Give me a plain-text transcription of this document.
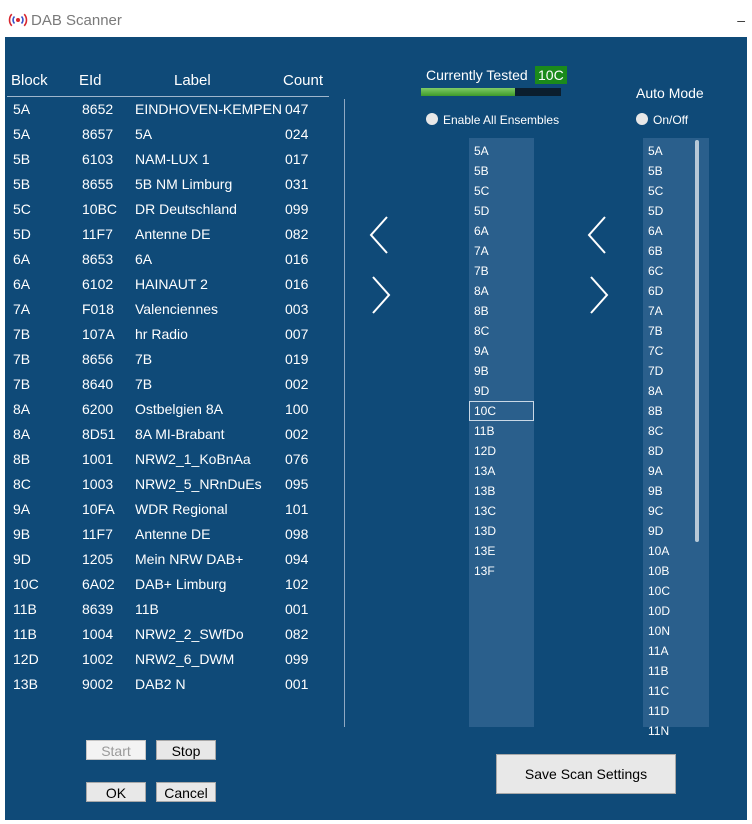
DAB Scanner	–
Block EId	Label	Count
5A	8652 EINDHOVEN-KEMPEN 047
5A	8657 5A	024
5B	6103 NAM-LUX 1	017
5B	8655 5B NM Limburg	031
5C	10BC DR Deutschland	099
5D	11F7 Antenne DE	082
6A	8653 6A	016
6A	6102 HAINAUT 2	016
7A	F018 Valenciennes	003
7B	107A hr Radio	007
7B	8656 7B	019
7B	8640 7B	002
8A	6200 Ostbelgien 8A	100
8A	8D51 8A MI-Brabant	002
8B	1001 NRW2_1_KoBnAa 076
8C	1003 NRW2_5_NRnDuEs 095
9A	10FA WDR Regional	101
9B	11F7 Antenne DE	098
9D	1205 Mein NRW DAB+	094
10C	6A02 DAB+ Limburg	102
11B	8639 11B	001
11B	1004 NRW2_2_SWfDo	082
12D	1002 NRW2_6_DWM	099
13B	9002 DAB2 N	001
Currently Tested 10C
Enable All Ensembles
Auto Mode
On/Off
13F
13E
13D
13C
13B
13A
12D
11B
10C
9D
9B
9A
8C
8B
8A
7B
7A
6A
5D
5C
5B
5A
11N
11D
11C
11B
11A
10N
10D
10C
10B
10A
9D
9C
9B
9A
8D
8C
8B
8A
7D
7C
7B
7A
6D
6C
6B
6A
5D
5C
5B
5A
Start	Stop
OK	Cancel
Save Scan Settings
